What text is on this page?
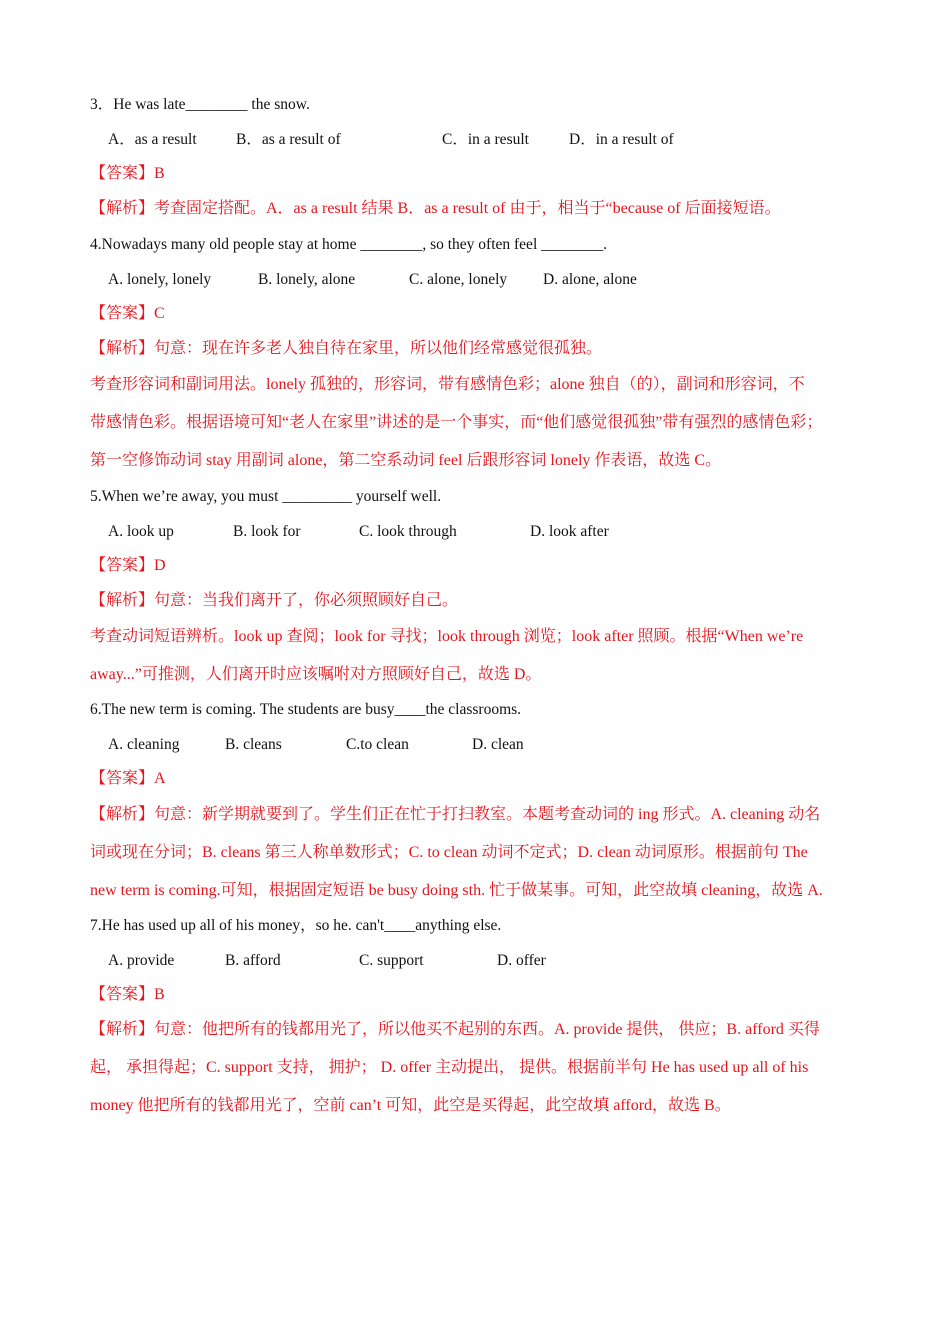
3．He was late________ the snow.
A．as a result	B．as a result of	C．in a result	D．in a result of
【答案】B
【解析】考查固定搭配。A．as a result 结果 B．as a result of 由于，相当于“because of 后面接短语。
4.Nowadays many old people stay at home ________, so they often feel ________.
A. lonely, lonely	B. lonely, alone	C. alone, lonely D. alone, alone
【答案】C
【解析】句意：现在许多老人独自待在家里，所以他们经常感觉很孤独。
考查形容词和副词用法。lonely 孤独的，形容词，带有感情色彩；alone 独自（的），副词和形容词，不
带感情色彩。根据语境可知“老人在家里”讲述的是一个事实，而“他们感觉很孤独”带有强烈的感情色彩；
第一空修饰动词 stay 用副词 alone，第二空系动词 feel 后跟形容词 lonely 作表语，故选 C。
5.When we’re away, you must _________ yourself well.
A. look up	B. look for	C. look through	D. look after
【答案】D
【解析】句意：当我们离开了，你必须照顾好自己。
考查动词短语辨析。look up 查阅；look for 寻找；look through 浏览；look after 照顾。根据“When we’re
away...”可推测，人们离开时应该嘱咐对方照顾好自己，故选 D。
6.The new term is coming. The students are busy____the classrooms.
A. cleaning	B. cleans	C.to clean	D. clean
【答案】A
【解析】句意：新学期就要到了。学生们正在忙于打扫教室。本题考查动词的 ing 形式。A. cleaning 动名
词或现在分词；B. cleans 第三人称单数形式；C. to clean 动词不定式；D. clean 动词原形。根据前句 The
new term is coming.可知，根据固定短语 be busy doing sth. 忙于做某事。可知，此空故填 cleaning，故选 A.
7.He has used up all of his money，so he. can't____anything else.
A. provide	B. afford	C. support	D. offer
【答案】B
【解析】句意：他把所有的钱都用光了，所以他买不起别的东西。A. provide 提供， 供应；B. afford 买得
起， 承担得起；C. support 支持， 拥护； D. offer 主动提出， 提供。根据前半句 He has used up all of his
money 他把所有的钱都用光了，空前 can’t 可知，此空是买得起，此空故填 afford，故选 B。
